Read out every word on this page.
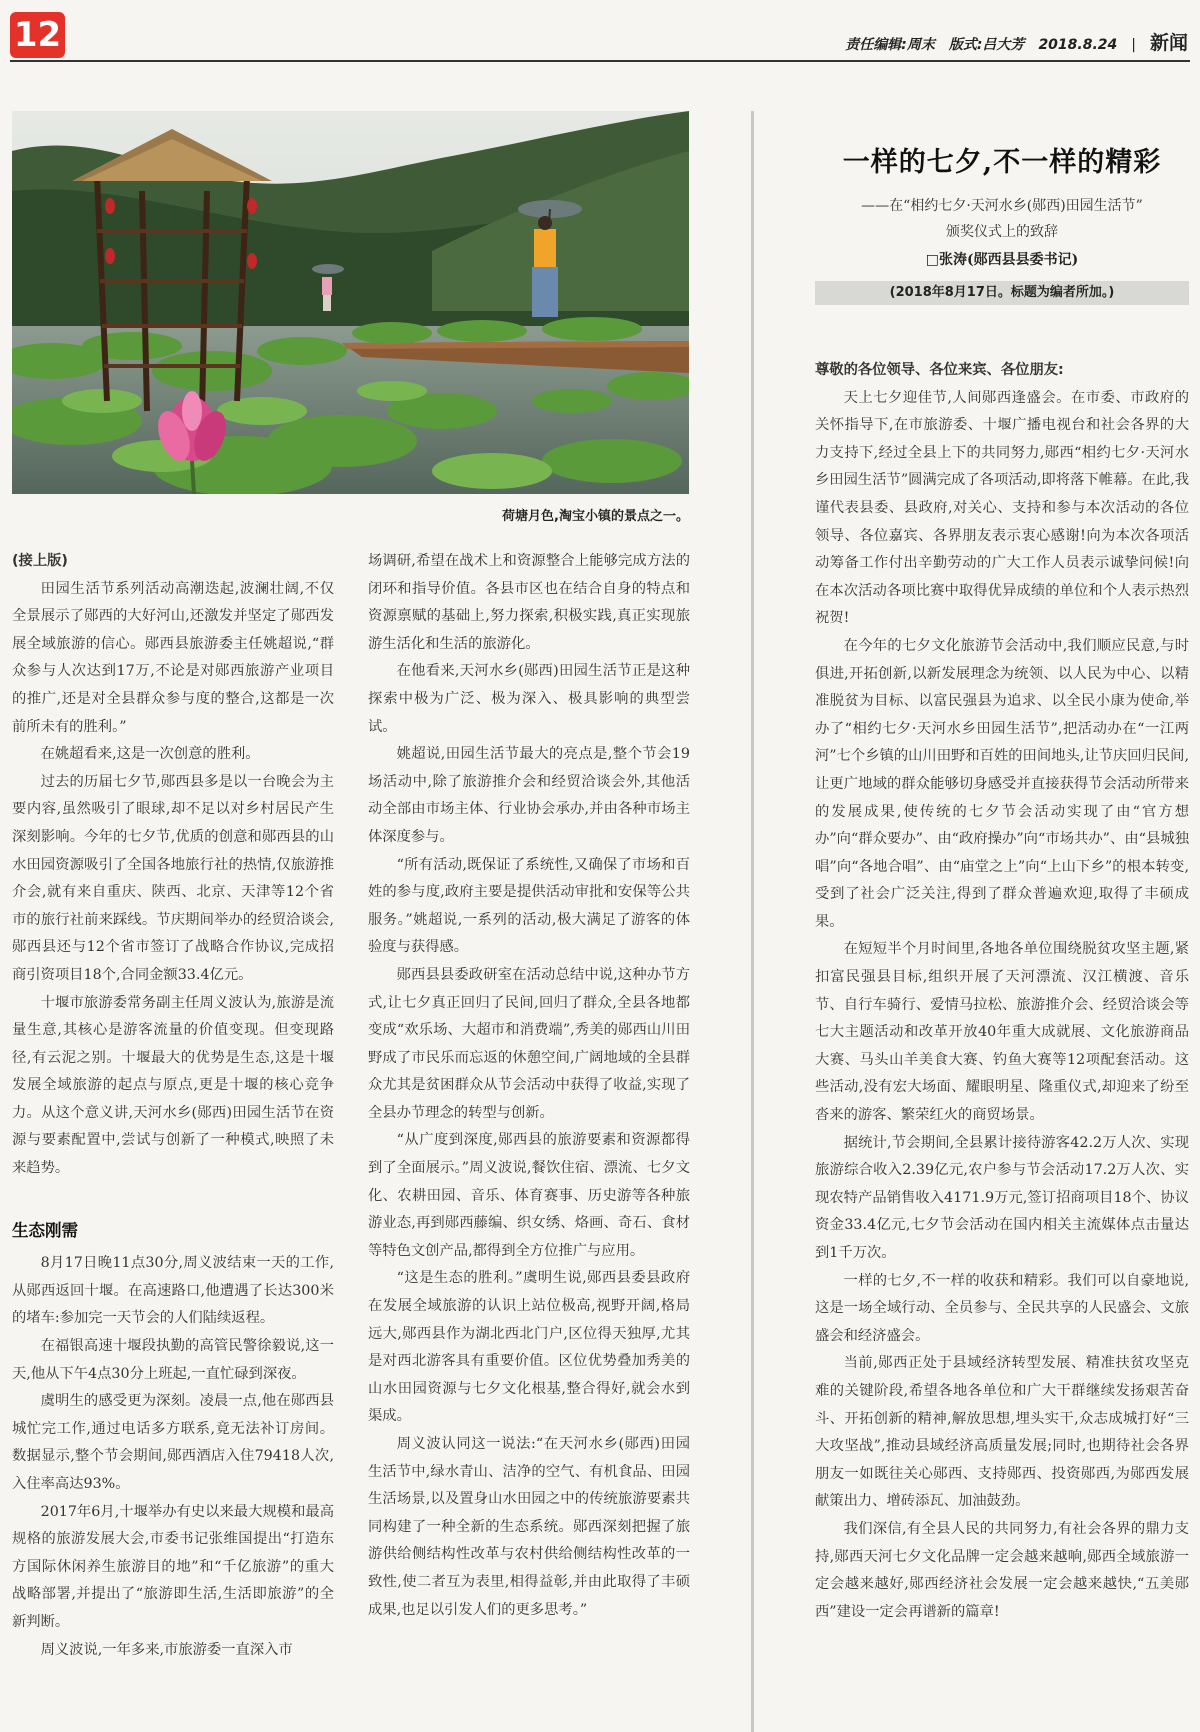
12	责任编辑:周末 版式:吕大芳 2018.8.24 | 新闻
荷塘月色,淘宝小镇的景点之一。

(接上版)

田园生活节系列活动高潮迭起,波澜壮阔,不仅全景展示了郧西的大好河山,还激发并坚定了郧西发展全域旅游的信心。郧西县旅游委主任姚超说,“群众参与人次达到17万,不论是对郧西旅游产业项目的推广,还是对全县群众参与度的整合,这都是一次前所未有的胜利。”

在姚超看来,这是一次创意的胜利。

过去的历届七夕节,郧西县多是以一台晚会为主要内容,虽然吸引了眼球,却不足以对乡村居民产生深刻影响。今年的七夕节,优质的创意和郧西县的山水田园资源吸引了全国各地旅行社的热情,仅旅游推介会,就有来自重庆、陕西、北京、天津等12个省市的旅行社前来踩线。节庆期间举办的经贸洽谈会,郧西县还与12个省市签订了战略合作协议,完成招商引资项目18个,合同金额33.4亿元。

十堰市旅游委常务副主任周义波认为,旅游是流量生意,其核心是游客流量的价值变现。但变现路径,有云泥之别。十堰最大的优势是生态,这是十堰发展全域旅游的起点与原点,更是十堰的核心竞争力。从这个意义讲,天河水乡(郧西)田园生活节在资源与要素配置中,尝试与创新了一种模式,映照了未来趋势。

生态刚需

8月17日晚11点30分,周义波结束一天的工作,从郧西返回十堰。在高速路口,他遭遇了长达300米的堵车:参加完一天节会的人们陆续返程。

在福银高速十堰段执勤的高管民警徐毅说,这一天,他从下午4点30分上班起,一直忙碌到深夜。

虞明生的感受更为深刻。凌晨一点,他在郧西县城忙完工作,通过电话多方联系,竟无法补订房间。数据显示,整个节会期间,郧西酒店入住79418人次,入住率高达93%。

2017年6月,十堰举办有史以来最大规模和最高规格的旅游发展大会,市委书记张维国提出“打造东方国际休闲养生旅游目的地”和“千亿旅游”的重大战略部署,并提出了“旅游即生活,生活即旅游”的全新判断。

周义波说,一年多来,市旅游委一直深入市

场调研,希望在战术上和资源整合上能够完成方法的闭环和指导价值。各县市区也在结合自身的特点和资源禀赋的基础上,努力探索,积极实践,真正实现旅游生活化和生活的旅游化。

在他看来,天河水乡(郧西)田园生活节正是这种探索中极为广泛、极为深入、极具影响的典型尝试。

姚超说,田园生活节最大的亮点是,整个节会19场活动中,除了旅游推介会和经贸洽谈会外,其他活动全部由市场主体、行业协会承办,并由各种市场主体深度参与。

“所有活动,既保证了系统性,又确保了市场和百姓的参与度,政府主要是提供活动审批和安保等公共服务。”姚超说,一系列的活动,极大满足了游客的体验度与获得感。

郧西县县委政研室在活动总结中说,这种办节方式,让七夕真正回归了民间,回归了群众,全县各地都变成“欢乐场、大超市和消费端”,秀美的郧西山川田野成了市民乐而忘返的休憩空间,广阔地域的全县群众尤其是贫困群众从节会活动中获得了收益,实现了全县办节理念的转型与创新。

“从广度到深度,郧西县的旅游要素和资源都得到了全面展示。”周义波说,餐饮住宿、漂流、七夕文化、农耕田园、音乐、体育赛事、历史游等各种旅游业态,再到郧西藤编、织女绣、烙画、奇石、食材等特色文创产品,都得到全方位推广与应用。

“这是生态的胜利。”虞明生说,郧西县委县政府在发展全域旅游的认识上站位极高,视野开阔,格局远大,郧西县作为湖北西北门户,区位得天独厚,尤其是对西北游客具有重要价值。区位优势叠加秀美的山水田园资源与七夕文化根基,整合得好,就会水到渠成。

周义波认同这一说法:“在天河水乡(郧西)田园生活节中,绿水青山、洁净的空气、有机食品、田园生活场景,以及置身山水田园之中的传统旅游要素共同构建了一种全新的生态系统。郧西深刻把握了旅游供给侧结构性改革与农村供给侧结构性改革的一致性,使二者互为表里,相得益彰,并由此取得了丰硕成果,也足以引发人们的更多思考。”

一样的七夕,不一样的精彩
——在“相约七夕·天河水乡(郧西)田园生活节”
颁奖仪式上的致辞
□张涛(郧西县县委书记)
(2018年8月17日。标题为编者所加。)

尊敬的各位领导、各位来宾、各位朋友:

天上七夕迎佳节,人间郧西逢盛会。在市委、市政府的关怀指导下,在市旅游委、十堰广播电视台和社会各界的大力支持下,经过全县上下的共同努力,郧西“相约七夕·天河水乡田园生活节”圆满完成了各项活动,即将落下帷幕。在此,我谨代表县委、县政府,对关心、支持和参与本次活动的各位领导、各位嘉宾、各界朋友表示衷心感谢!向为本次各项活动筹备工作付出辛勤劳动的广大工作人员表示诚挚问候!向在本次活动各项比赛中取得优异成绩的单位和个人表示热烈祝贺!

在今年的七夕文化旅游节会活动中,我们顺应民意,与时俱进,开拓创新,以新发展理念为统领、以人民为中心、以精准脱贫为目标、以富民强县为追求、以全民小康为使命,举办了“相约七夕·天河水乡田园生活节”,把活动办在“一江两河”七个乡镇的山川田野和百姓的田间地头,让节庆回归民间,让更广地域的群众能够切身感受并直接获得节会活动所带来的发展成果,使传统的七夕节会活动实现了由“官方想办”向“群众要办”、由“政府操办”向“市场共办”、由“县城独唱”向“各地合唱”、由“庙堂之上”向“上山下乡”的根本转变,受到了社会广泛关注,得到了群众普遍欢迎,取得了丰硕成果。

在短短半个月时间里,各地各单位围绕脱贫攻坚主题,紧扣富民强县目标,组织开展了天河漂流、汉江横渡、音乐节、自行车骑行、爱情马拉松、旅游推介会、经贸洽谈会等七大主题活动和改革开放40年重大成就展、文化旅游商品大赛、马头山羊美食大赛、钓鱼大赛等12项配套活动。这些活动,没有宏大场面、耀眼明星、隆重仪式,却迎来了纷至沓来的游客、繁荣红火的商贸场景。

据统计,节会期间,全县累计接待游客42.2万人次、实现旅游综合收入2.39亿元,农户参与节会活动17.2万人次、实现农特产品销售收入4171.9万元,签订招商项目18个、协议资金33.4亿元,七夕节会活动在国内相关主流媒体点击量达到1千万次。

一样的七夕,不一样的收获和精彩。我们可以自豪地说,这是一场全域行动、全员参与、全民共享的人民盛会、文旅盛会和经济盛会。

当前,郧西正处于县域经济转型发展、精准扶贫攻坚克难的关键阶段,希望各地各单位和广大干群继续发扬艰苦奋斗、开拓创新的精神,解放思想,埋头实干,众志成城打好“三大攻坚战”,推动县域经济高质量发展;同时,也期待社会各界朋友一如既往关心郧西、支持郧西、投资郧西,为郧西发展献策出力、增砖添瓦、加油鼓劲。

我们深信,有全县人民的共同努力,有社会各界的鼎力支持,郧西天河七夕文化品牌一定会越来越响,郧西全域旅游一定会越来越好,郧西经济社会发展一定会越来越快,“五美郧西”建设一定会再谱新的篇章!
